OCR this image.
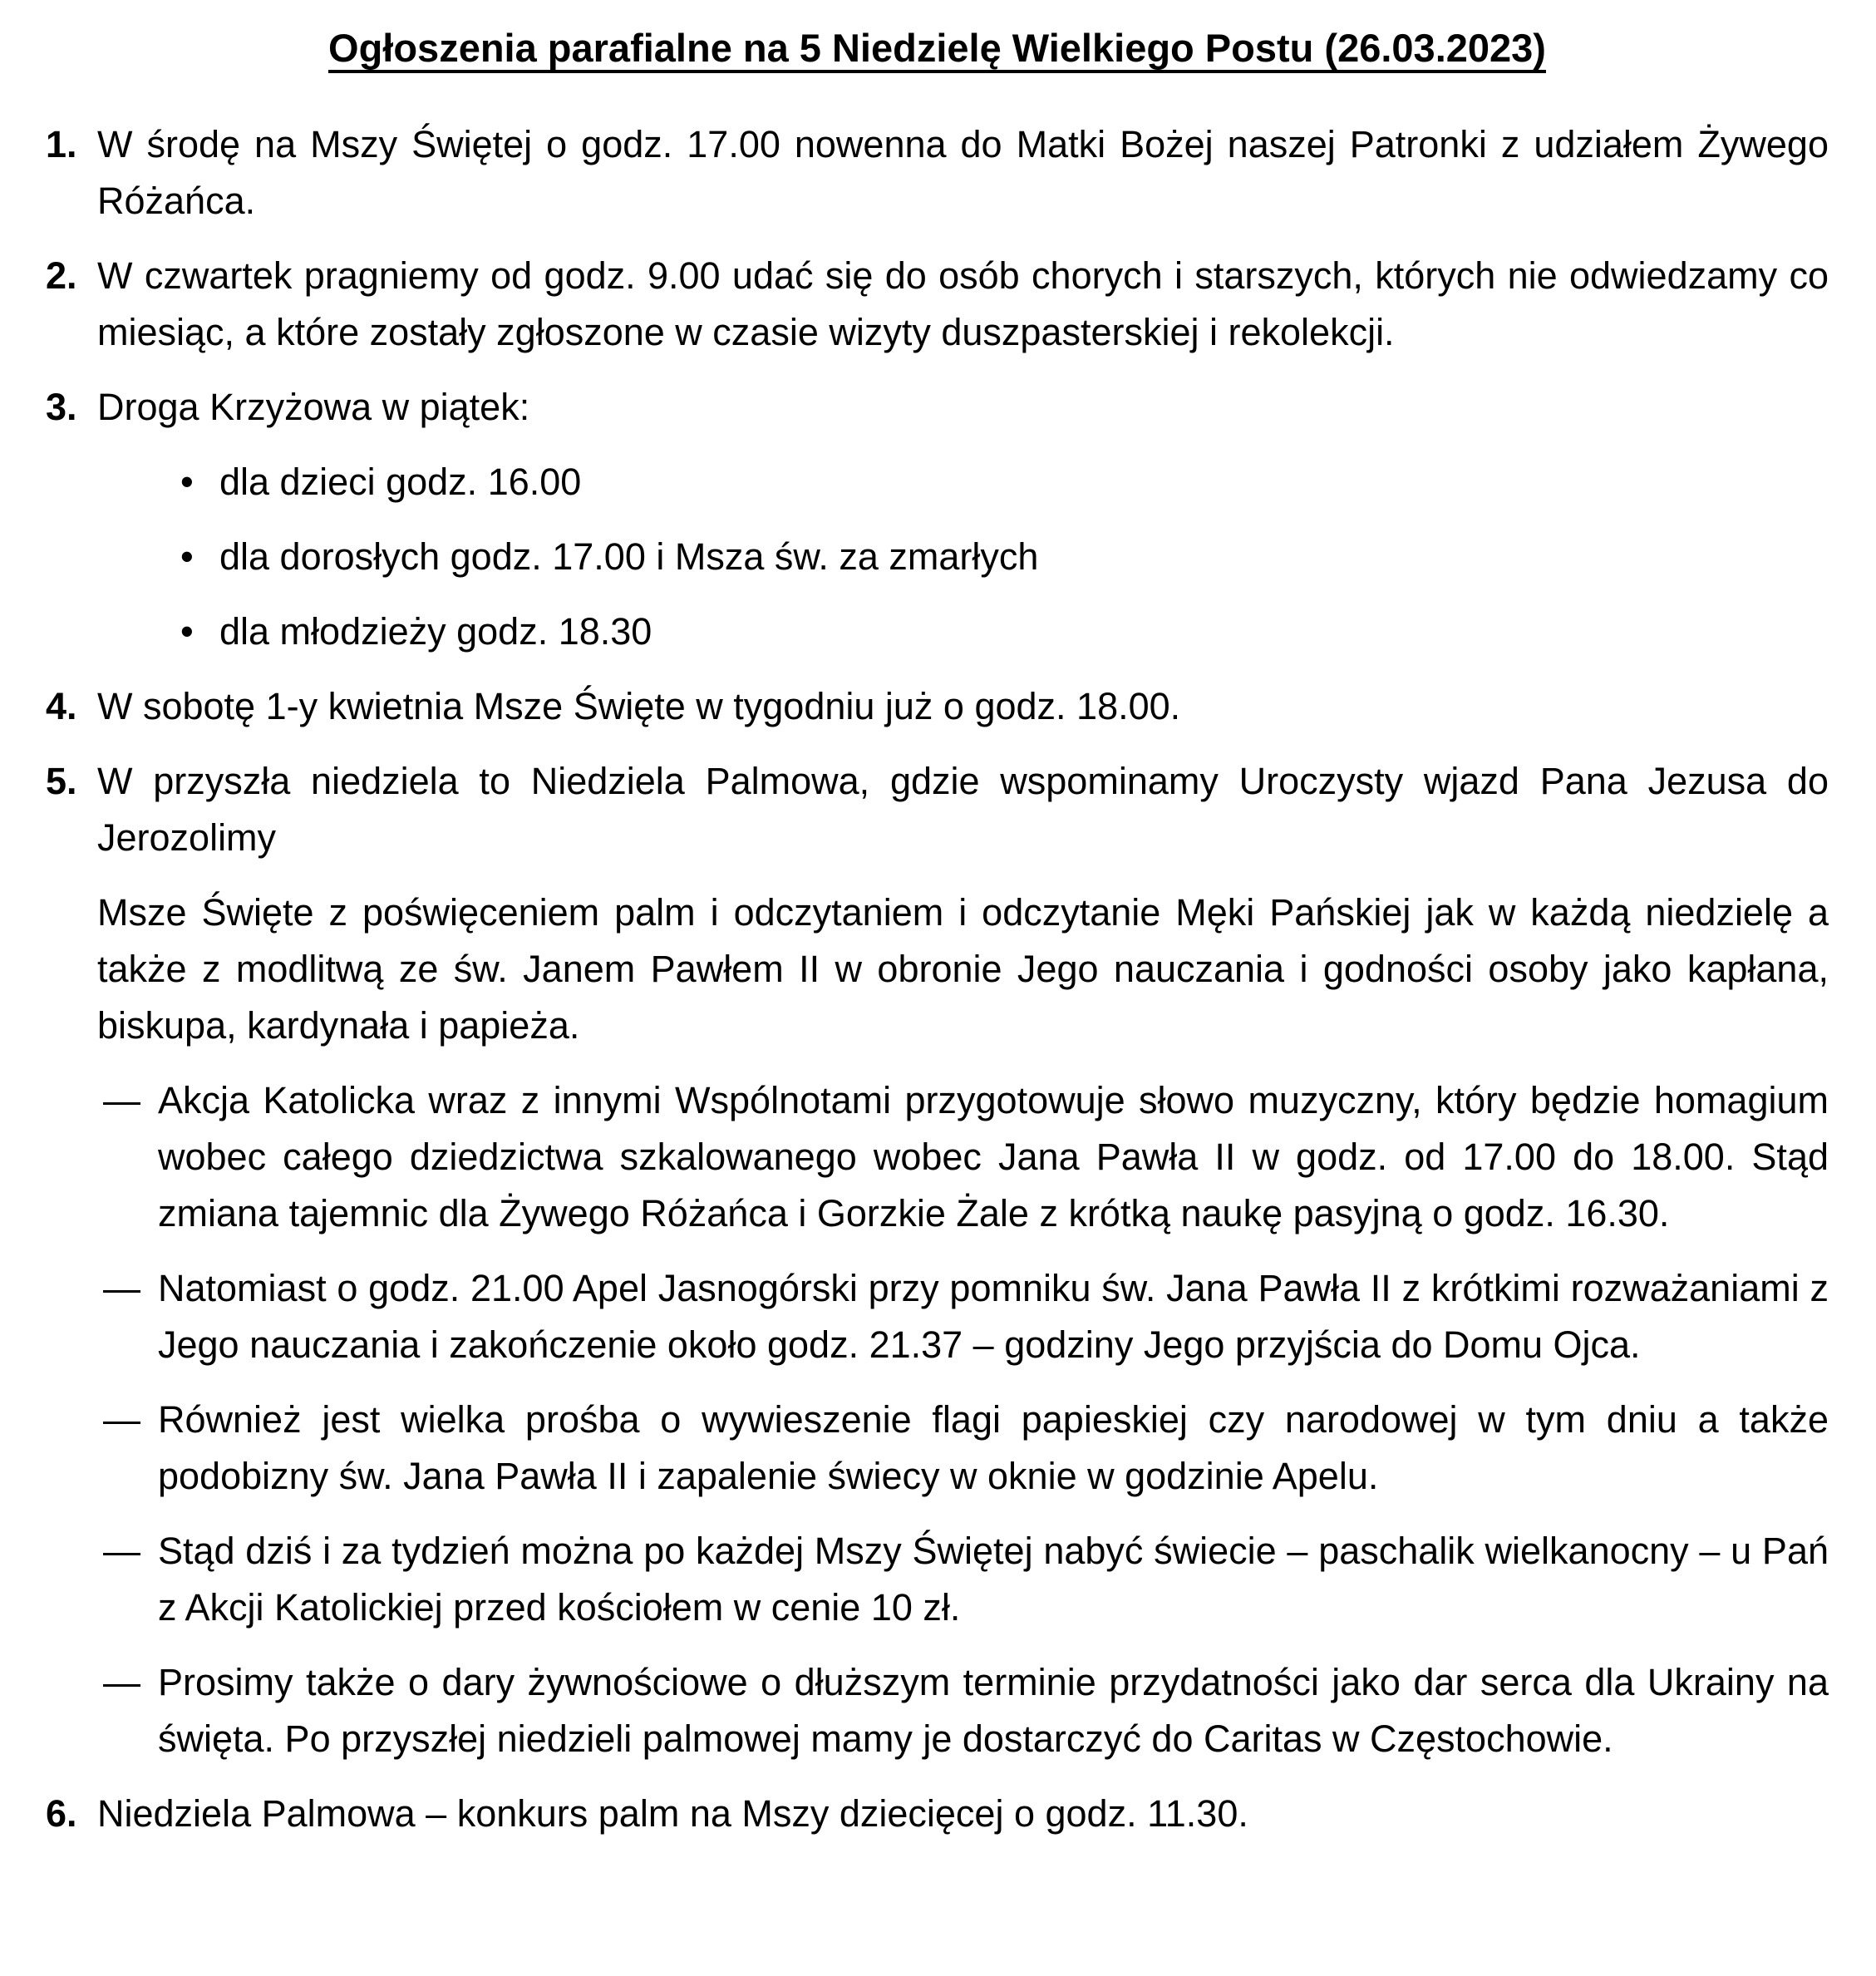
Ogłoszenia parafialne na 5 Niedzielę Wielkiego Postu (26.03.2023)
1. W środę na Mszy Świętej o godz. 17.00 nowenna do Matki Bożej naszej Patronki z udziałem Żywego Różańca.

2. W czwartek pragniemy od godz. 9.00 udać się do osób chorych i starszych, których nie odwiedzamy co miesiąc, a które zostały zgłoszone w czasie wizyty duszpasterskiej i rekolekcji.

3. Droga Krzyżowa w piątek:

• dla dzieci godz. 16.00

• dla dorosłych godz. 17.00 i Msza św. za zmarłych

• dla młodzieży godz. 18.30

4. W sobotę 1-y kwietnia Msze Święte w tygodniu już o godz. 18.00.

5. W przyszła niedziela to Niedziela Palmowa, gdzie wspominamy Uroczysty wjazd Pana Jezusa do Jerozolimy

Msze Święte z poświęceniem palm i odczytaniem i odczytanie Męki Pańskiej jak w każdą niedzielę a także z modlitwą ze św. Janem Pawłem II w obronie Jego nauczania i godności osoby jako kapłana, biskupa, kardynała i papieża.

— Akcja Katolicka wraz z innymi Wspólnotami przygotowuje słowo muzyczny, który będzie homagium wobec całego dziedzictwa szkalowanego wobec Jana Pawła II w godz. od 17.00 do 18.00. Stąd zmiana tajemnic dla Żywego Różańca i Gorzkie Żale z krótką naukę pasyjną o godz. 16.30.

— Natomiast o godz. 21.00 Apel Jasnogórski przy pomniku św. Jana Pawła II z krótkimi rozważaniami z Jego nauczania i zakończenie około godz. 21.37 – godziny Jego przyjścia do Domu Ojca.

— Również jest wielka prośba o wywieszenie flagi papieskiej czy narodowej w tym dniu a także podobizny św. Jana Pawła II i zapalenie świecy w oknie w godzinie Apelu.

— Stąd dziś i za tydzień można po każdej Mszy Świętej nabyć świecie – paschalik wielkanocny – u Pań z Akcji Katolickiej przed kościołem w cenie 10 zł.

— Prosimy także o dary żywnościowe o dłuższym terminie przydatności jako dar serca dla Ukrainy na święta. Po przyszłej niedzieli palmowej mamy je dostarczyć do Caritas w Częstochowie.

6. Niedziela Palmowa – konkurs palm na Mszy dziecięcej o godz. 11.30.
